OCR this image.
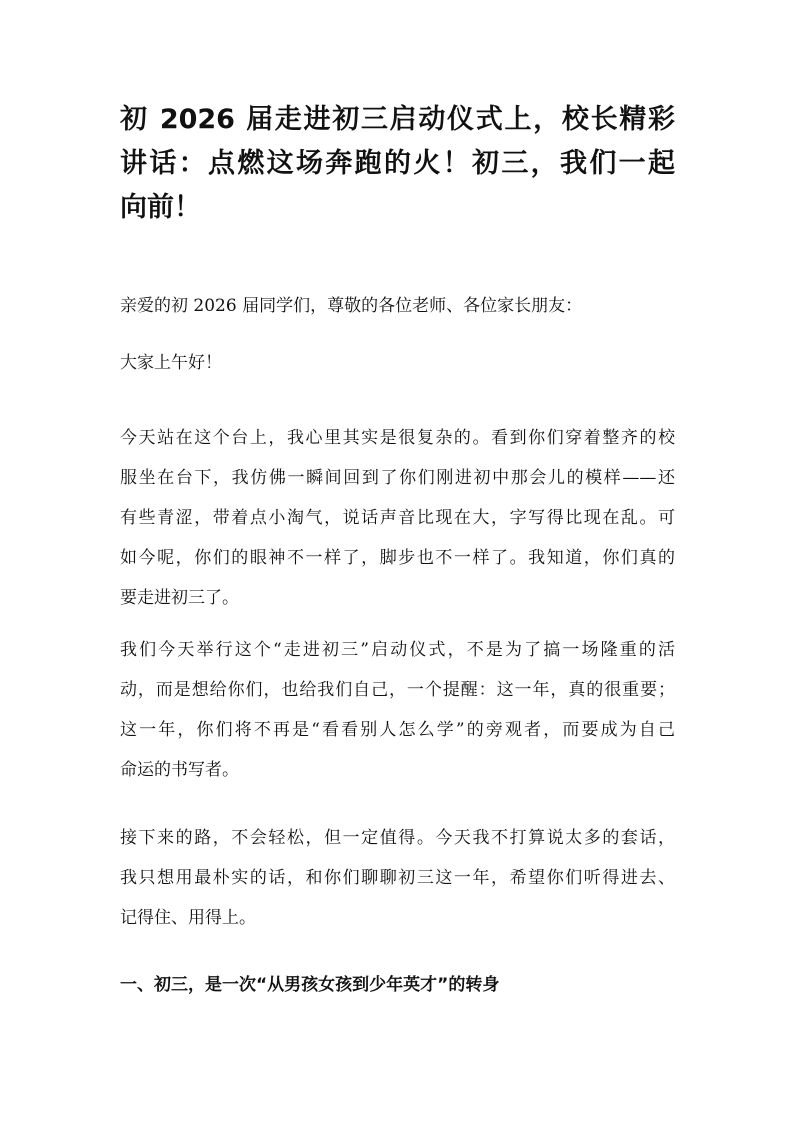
初 2026 届走进初三启动仪式上，校长精彩
讲话：点燃这场奔跑的火！初三，我们一起
向前！
亲爱的初 2026 届同学们，尊敬的各位老师、各位家长朋友：
大家上午好！
今天站在这个台上，我心里其实是很复杂的。看到你们穿着整齐的校
服坐在台下，我仿佛一瞬间回到了你们刚进初中那会儿的模样——还
有些青涩，带着点小淘气，说话声音比现在大，字写得比现在乱。可
如今呢，你们的眼神不一样了，脚步也不一样了。我知道，你们真的
要走进初三了。
我们今天举行这个“走进初三”启动仪式，不是为了搞一场隆重的活
动，而是想给你们，也给我们自己，一个提醒：这一年，真的很重要；
这一年，你们将不再是“看看别人怎么学”的旁观者，而要成为自己
命运的书写者。
接下来的路，不会轻松，但一定值得。今天我不打算说太多的套话，
我只想用最朴实的话，和你们聊聊初三这一年，希望你们听得进去、
记得住、用得上。
一、初三，是一次“从男孩女孩到少年英才”的转身
